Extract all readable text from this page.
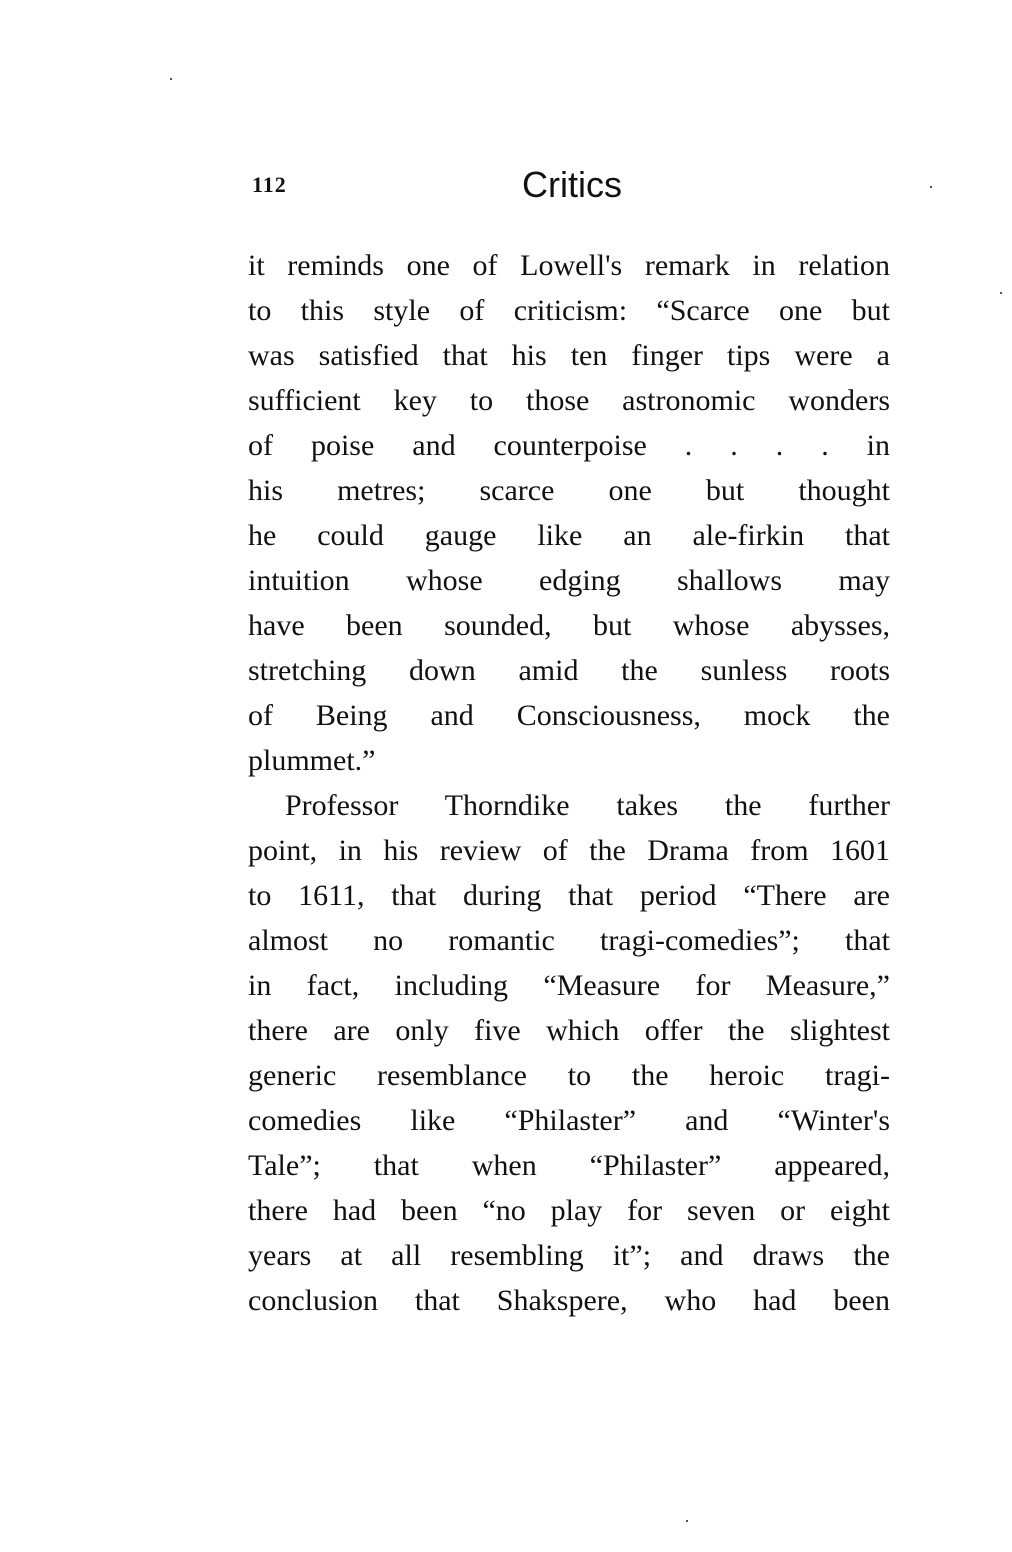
112	Critics
it reminds one of Lowell's remark in relation
to this style of criticism: “Scarce one but
was satisfied that his ten finger tips were a
sufficient key to those astronomic wonders
of poise and counterpoise . . . . in
his metres; scarce one but thought
he could gauge like an ale-firkin that
intuition whose edging shallows may
have been sounded, but whose abysses,
stretching down amid the sunless roots
of Being and Consciousness, mock the
plummet.”
Professor Thorndike takes the further
point, in his review of the Drama from 1601
to 1611, that during that period “There are
almost no romantic tragi-comedies”; that
in fact, including “Measure for Measure,”
there are only five which offer the slightest
generic resemblance to the heroic tragi-
comedies like “Philaster” and “Winter's
Tale”; that when “Philaster” appeared,
there had been “no play for seven or eight
years at all resembling it”; and draws the
conclusion that Shakspere, who had been
